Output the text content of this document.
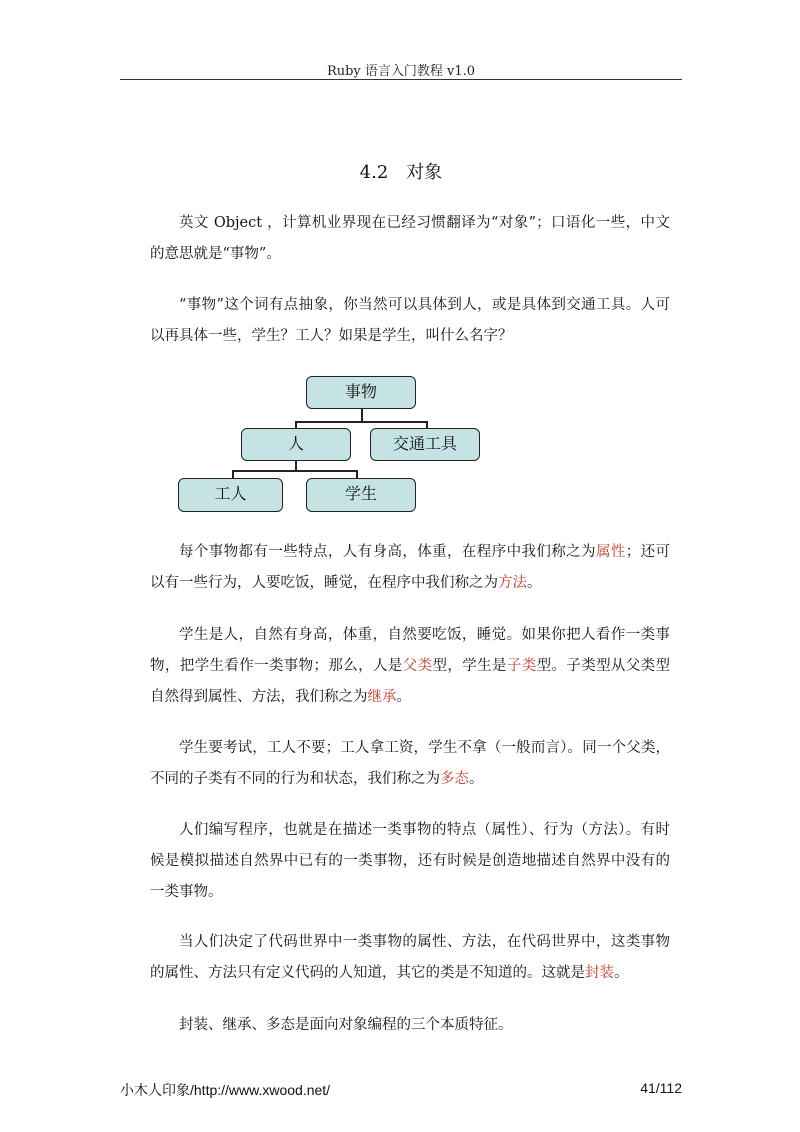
Ruby 语言入门教程 v1.0
4.2　对象

英文 Object ，计算机业界现在已经习惯翻译为“对象”；口语化一些，中文的意思就是“事物”。

“事物”这个词有点抽象，你当然可以具体到人，或是具体到交通工具。人可以再具体一些，学生？工人？如果是学生，叫什么名字？

事物
人	交通工具
工人	学生

每个事物都有一些特点，人有身高，体重，在程序中我们称之为属性；还可以有一些行为，人要吃饭，睡觉，在程序中我们称之为方法。

学生是人，自然有身高，体重，自然要吃饭，睡觉。如果你把人看作一类事物，把学生看作一类事物；那么，人是父类型，学生是子类型。子类型从父类型自然得到属性、方法，我们称之为继承。

学生要考试，工人不要；工人拿工资，学生不拿（一般而言）。同一个父类，不同的子类有不同的行为和状态，我们称之为多态。

人们编写程序，也就是在描述一类事物的特点（属性）、行为（方法）。有时候是模拟描述自然界中已有的一类事物，还有时候是创造地描述自然界中没有的一类事物。

当人们决定了代码世界中一类事物的属性、方法，在代码世界中，这类事物的属性、方法只有定义代码的人知道，其它的类是不知道的。这就是封装。

封装、继承、多态是面向对象编程的三个本质特征。

小木人印象/http://www.xwood.net/	41/112
